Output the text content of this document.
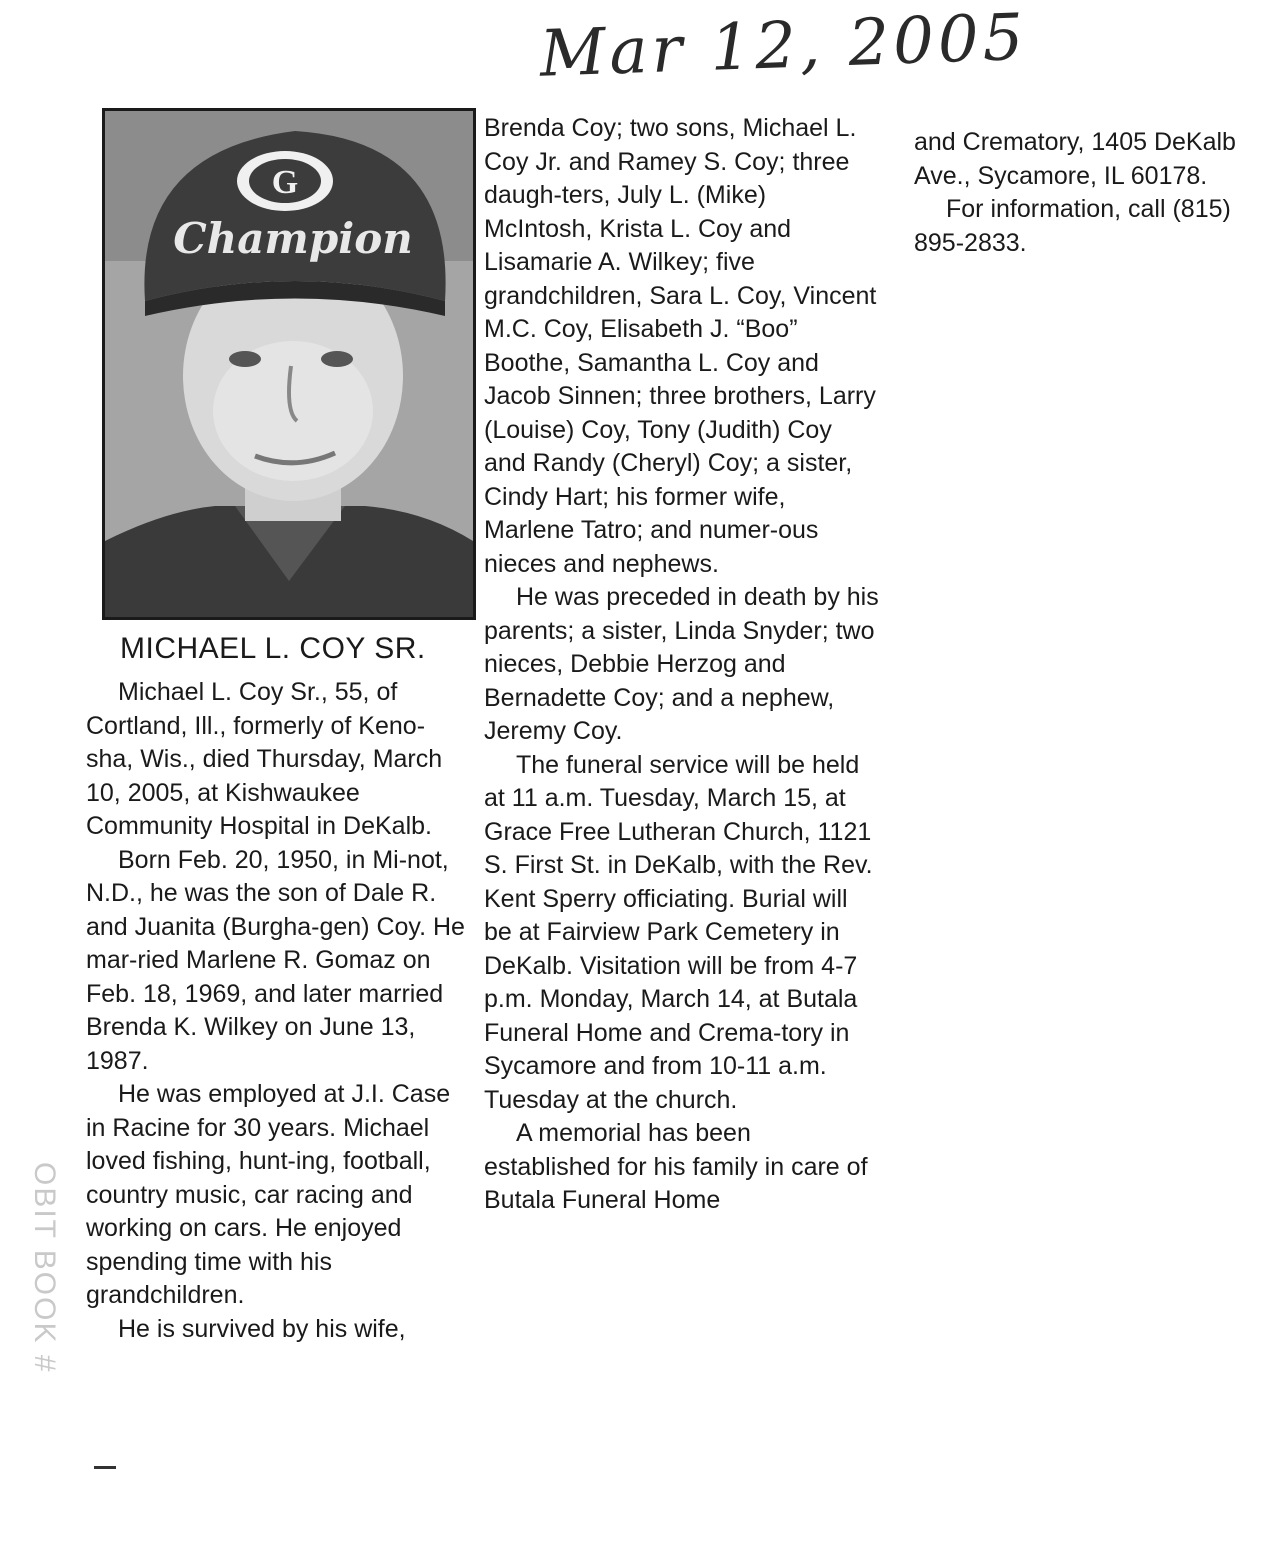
Mar 12, 2005
G
Champion
MICHAEL L. COY SR.

Michael L. Coy Sr., 55, of Cortland, Ill., formerly of Keno-sha, Wis., died Thursday, March 10, 2005, at Kishwaukee Community Hospital in DeKalb.

Born Feb. 20, 1950, in Mi-not, N.D., he was the son of Dale R. and Juanita (Burgha-gen) Coy. He mar-ried Marlene R. Gomaz on Feb. 18, 1969, and later married Brenda K. Wilkey on June 13, 1987.

He was employed at J.I. Case in Racine for 30 years. Michael loved fishing, hunt-ing, football, country music, car racing and working on cars. He enjoyed spending time with his grandchildren.

He is survived by his wife,

Brenda Coy; two sons, Michael L. Coy Jr. and Ramey S. Coy; three daugh-ters, July L. (Mike) McIntosh, Krista L. Coy and Lisamarie A. Wilkey; five grandchildren, Sara L. Coy, Vincent M.C. Coy, Elisabeth J. “Boo” Boothe, Samantha L. Coy and Jacob Sinnen; three brothers, Larry (Louise) Coy, Tony (Judith) Coy and Randy (Cheryl) Coy; a sister, Cindy Hart; his former wife, Marlene Tatro; and numer-ous nieces and nephews.

He was preceded in death by his parents; a sister, Linda Snyder; two nieces, Debbie Herzog and Bernadette Coy; and a nephew, Jeremy Coy.

The funeral service will be held at 11 a.m. Tuesday, March 15, at Grace Free Lutheran Church, 1121 S. First St. in DeKalb, with the Rev. Kent Sperry officiating. Burial will be at Fairview Park Cemetery in DeKalb. Visitation will be from 4-7 p.m. Monday, March 14, at Butala Funeral Home and Crema-tory in Sycamore and from 10-11 a.m. Tuesday at the church.

A memorial has been established for his family in care of Butala Funeral Home

and Crematory, 1405 DeKalb Ave., Sycamore, IL 60178.

For information, call (815) 895-2833.

OBIT BOOK #
